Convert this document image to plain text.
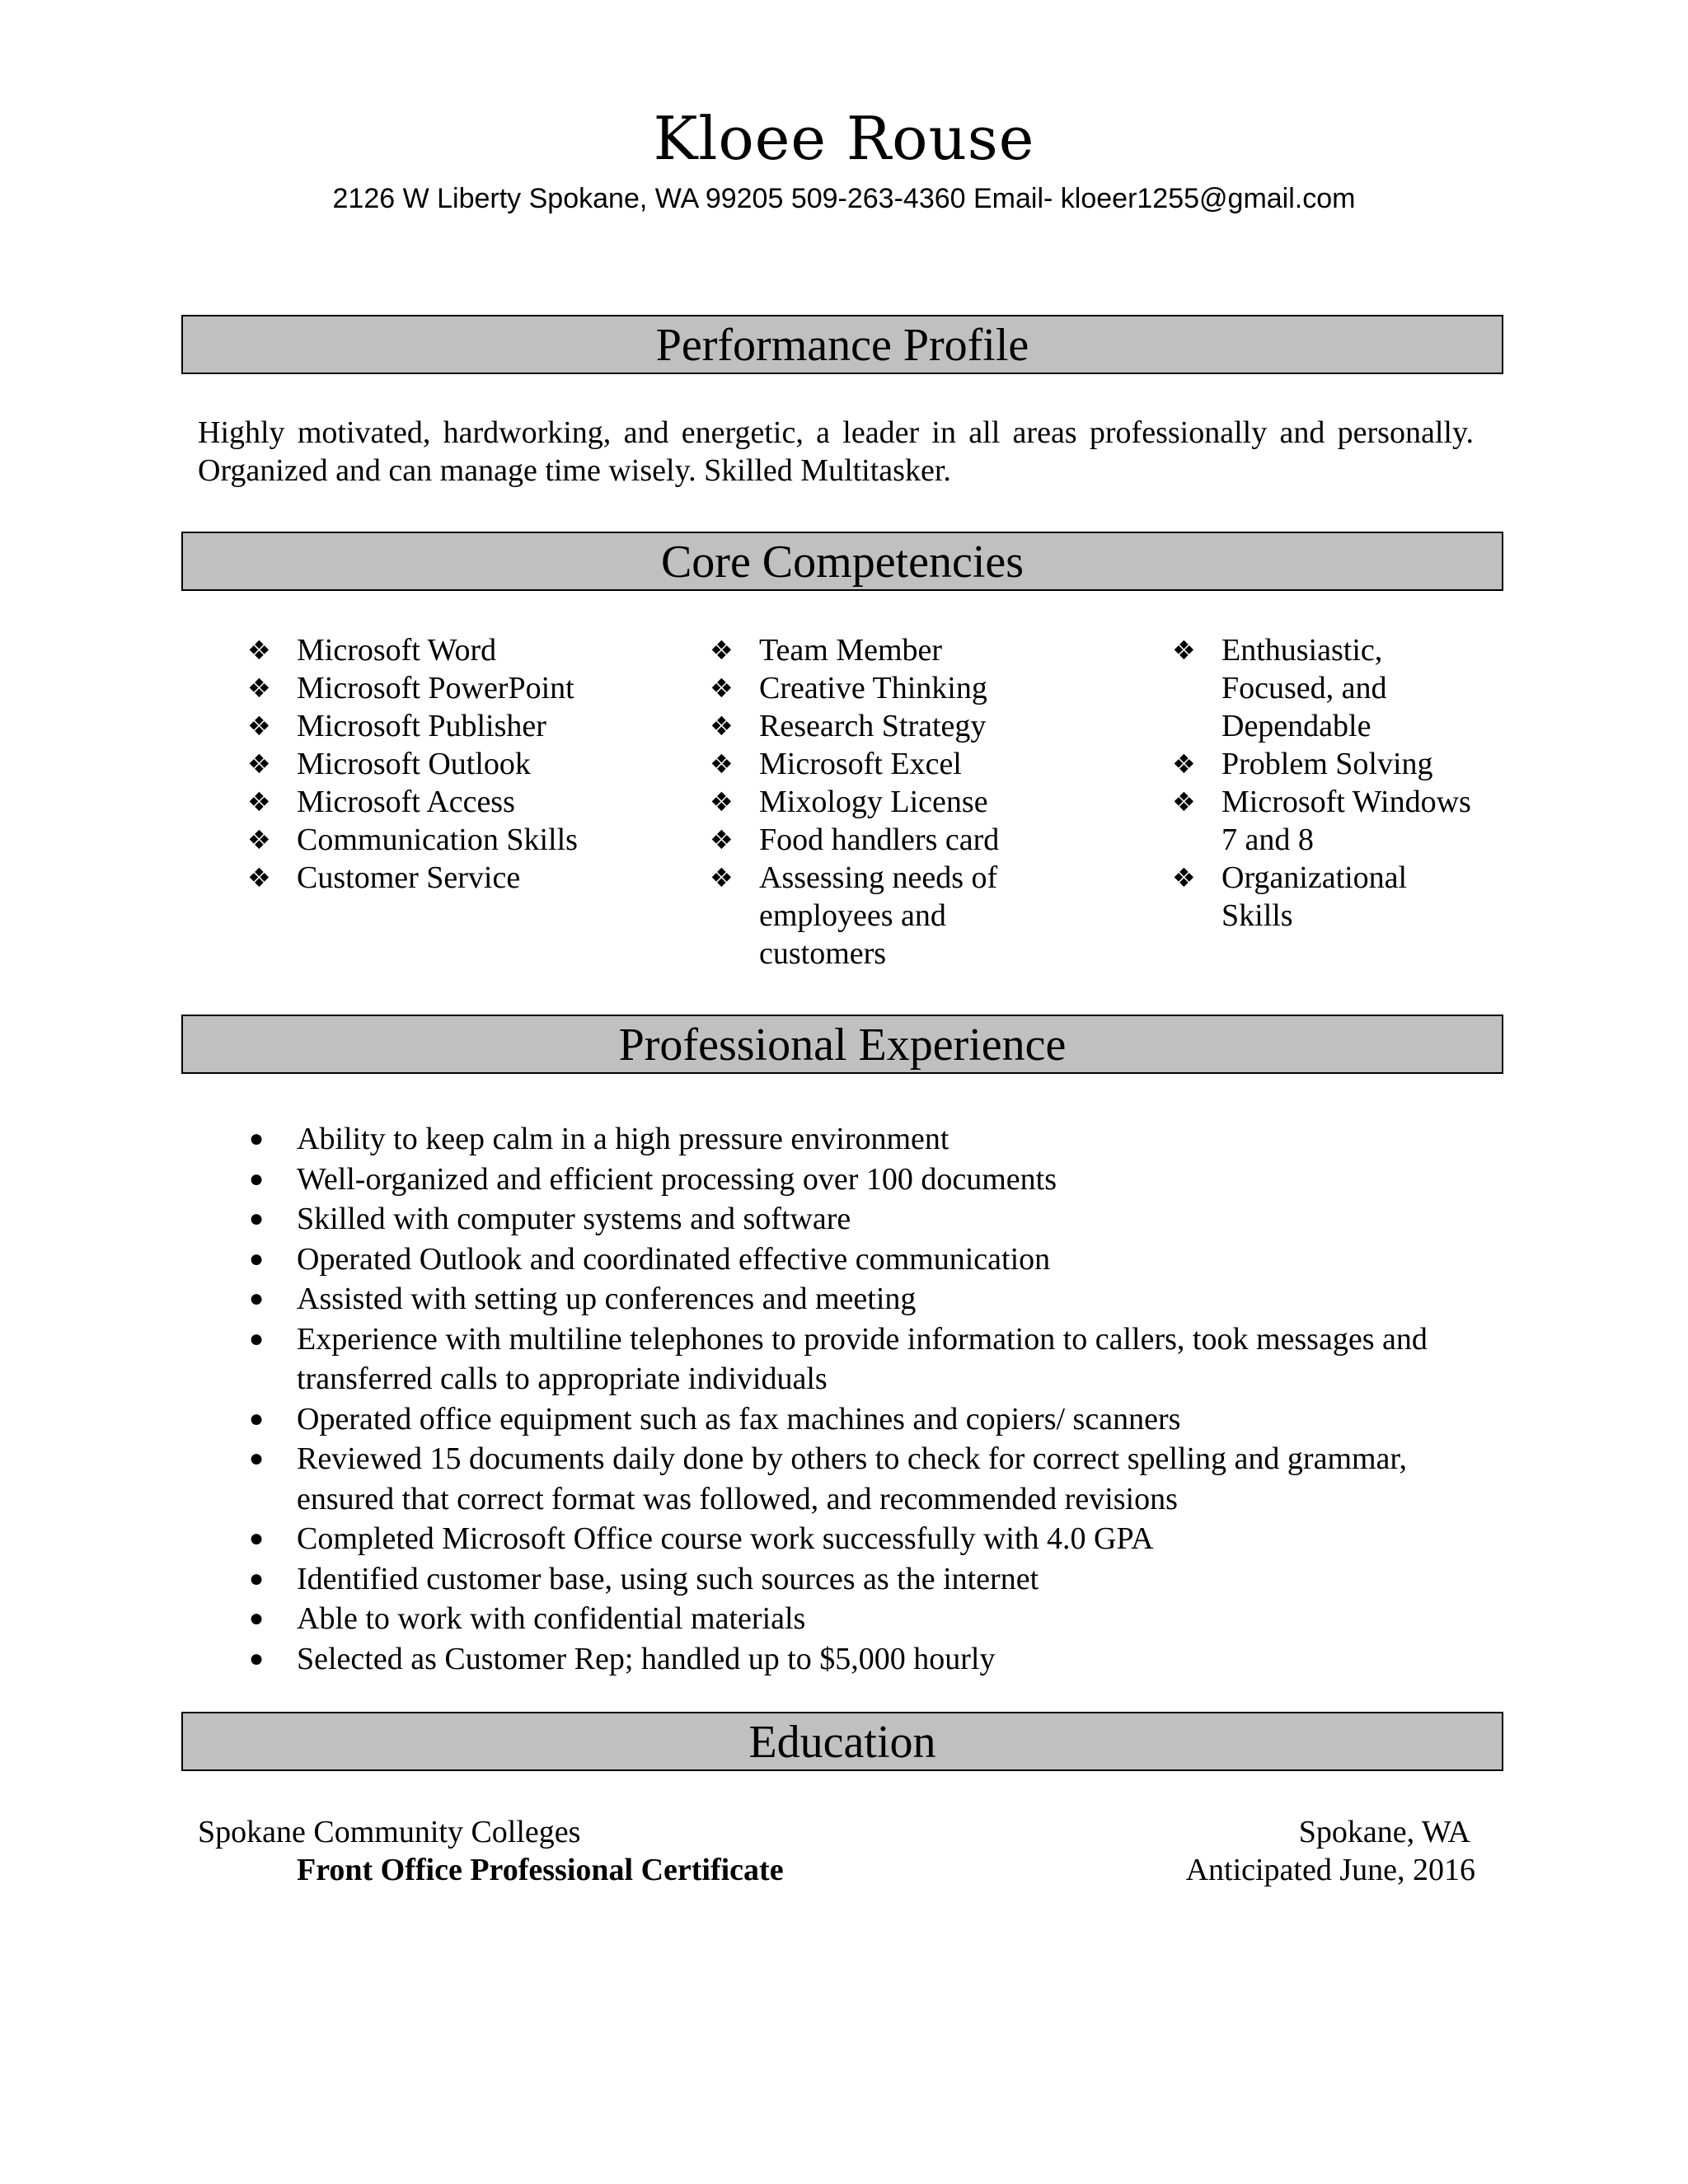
Kloee Rouse
2126 W Liberty Spokane, WA 99205 509-263-4360 Email- kloeer1255@gmail.com
Performance Profile
Highly motivated, hardworking, and energetic, a leader in all areas professionally and personally. Organized and can manage time wisely. Skilled Multitasker.
Core Competencies
❖ Microsoft Word
❖ Microsoft PowerPoint
❖ Microsoft Publisher
❖ Microsoft Outlook
❖ Microsoft Access
❖ Communication Skills
❖ Customer Service
❖ Team Member
❖ Creative Thinking
❖ Research Strategy
❖ Microsoft Excel
❖ Mixology License
❖ Food handlers card
❖ Assessing needs of employees and customers
❖ Enthusiastic, Focused, and Dependable
❖ Problem Solving
❖ Microsoft Windows 7 and 8
❖ Organizational Skills
Professional Experience
● Ability to keep calm in a high pressure environment
● Well-organized and efficient processing over 100 documents
● Skilled with computer systems and software
● Operated Outlook and coordinated effective communication
● Assisted with setting up conferences and meeting
● Experience with multiline telephones to provide information to callers, took messages and transferred calls to appropriate individuals
● Operated office equipment such as fax machines and copiers/ scanners
● Reviewed 15 documents daily done by others to check for correct spelling and grammar, ensured that correct format was followed, and recommended revisions
● Completed Microsoft Office course work successfully with 4.0 GPA
● Identified customer base, using such sources as the internet
● Able to work with confidential materials
● Selected as Customer Rep; handled up to $5,000 hourly
Education
Spokane Community Colleges	Spokane, WA
Front Office Professional Certificate	Anticipated June, 2016
